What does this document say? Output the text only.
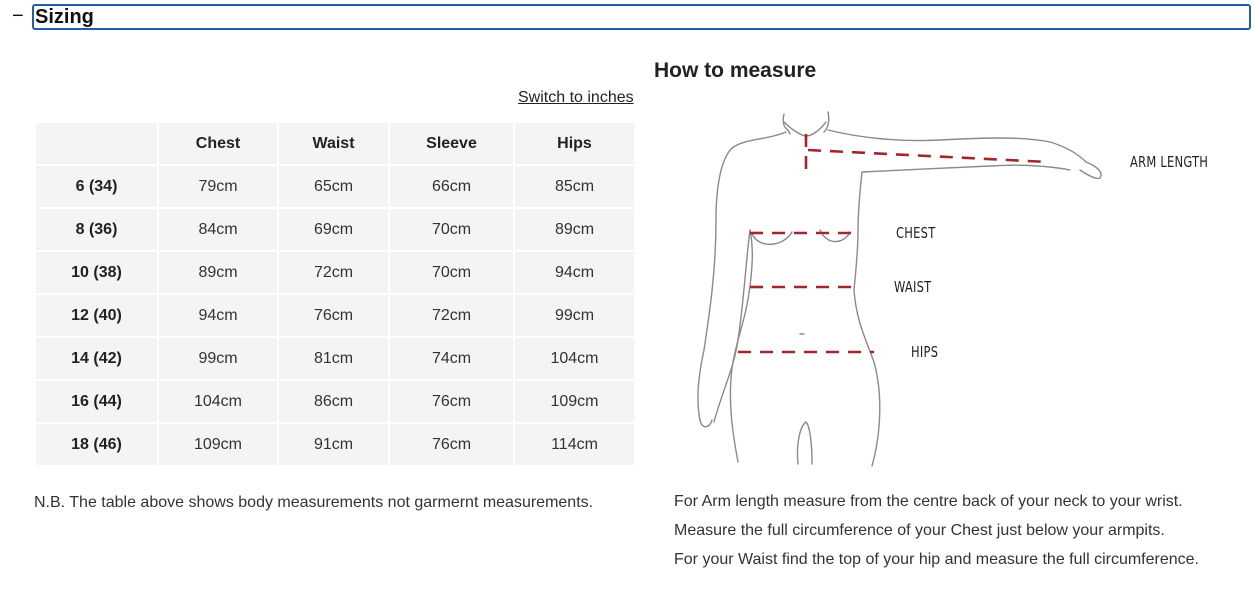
− Sizing
Switch to inches
	Chest	Waist	Sleeve	Hips
6 (34)	79cm	65cm	66cm	85cm
8 (36)	84cm	69cm	70cm	89cm
10 (38)	89cm	72cm	70cm	94cm
12 (40)	94cm	76cm	72cm	99cm
14 (42)	99cm	81cm	74cm	104cm
16 (44)	104cm	86cm	76cm	109cm
18 (46)	109cm	91cm	76cm	114cm
N.B. The table above shows body measurements not garmernt measurements.
How to measure
ARM LENGTH
CHEST
WAIST
HIPS
For Arm length measure from the centre back of your neck to your wrist.
Measure the full circumference of your Chest just below your armpits.
For your Waist find the top of your hip and measure the full circumference.
